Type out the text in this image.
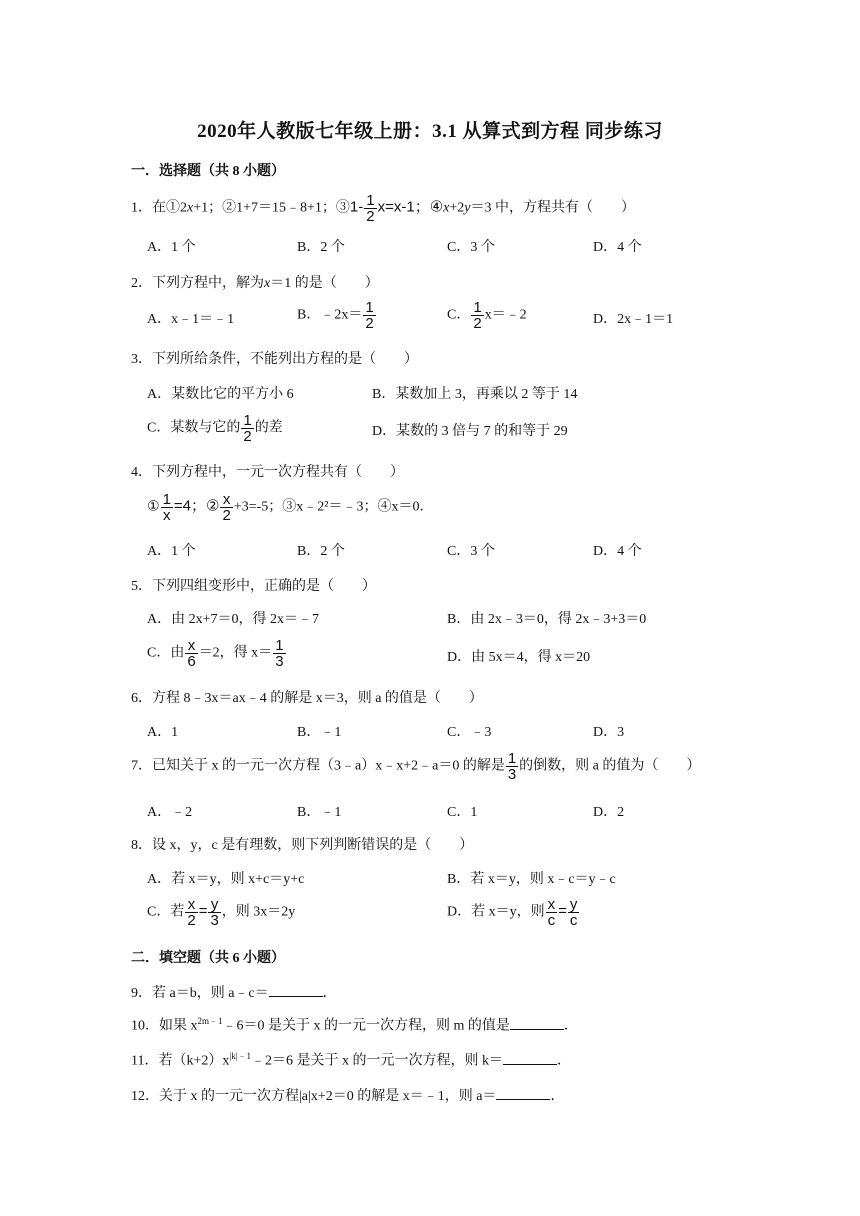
2020年人教版七年级上册：3.1 从算式到方程 同步练习
一．选择题（共 8 小题）
1．在①2x+1；②1+7＝15﹣8+1；③1- $\frac{1}{2} x=x-1$；④x+2y＝3 中，方程共有（　　）
A．1 个	B．2 个	C．3 个	D．4 个
2．下列方程中，解为x＝1 的是（　　）
A．x﹣1＝﹣1	B．﹣2x＝ $\frac{1}{2}$	C． $\frac{1}{2}$ x＝﹣2	D．2x﹣1＝1
3．下列所给条件，不能列出方程的是（　　）
A．某数比它的平方小 6	B．某数加上 3，再乘以 2 等于 14
C．某数与它的 $\frac{1}{2}$ 的差	D．某数的 3 倍与 7 的和等于 29
4．下列方程中，一元一次方程共有（　　）
① $\frac{1}{x} =4$；② $\frac{x}{2} +3=-5$；③x﹣2²＝﹣3；④x＝0．
A．1 个	B．2 个	C．3 个	D．4 个
5．下列四组变形中，正确的是（　　）
A．由 2x+7＝0，得 2x＝﹣7	B．由 2x﹣3＝0，得 2x﹣3+3＝0
C．由 $\frac{x}{6} =2$，得 $x= \frac{1}{3}$	D．由 5x＝4，得 x＝20
6．方程 8﹣3x＝ax﹣4 的解是 x＝3，则 a 的值是（　　）
A．1	B．﹣1	C．﹣3	D．3
7．已知关于 x 的一元一次方程（3﹣a）x﹣x+2﹣a＝0 的解是 $\frac{1}{3}$ 的倒数，则 a 的值为（　　）
A．﹣2	B．﹣1	C．1	D．2
8．设 x，y，c 是有理数，则下列判断错误的是（　　）
A．若 x＝y，则 x+c＝y+c	B．若 x＝y，则 x﹣c＝y﹣c
C．若 $\frac{x}{2} = \frac{y}{3}$ ，则 3x＝2y	D．若 x＝y，则 $\frac{x}{c} = \frac{y}{c}$
二．填空题（共 6 小题）
9．若 a＝b，则 a﹣c＝	．
10．如果 $x^{2m﹣1}﹣6=0$ 是关于 x 的一元一次方程，则 m 的值是	．
11．若$(k+2)x^{|k|﹣1}﹣2=6$ 是关于 x 的一元一次方程，则 k＝	．
12．关于 x 的一元一次方程|a|x+2＝0 的解是 x＝﹣1，则 a＝	．
